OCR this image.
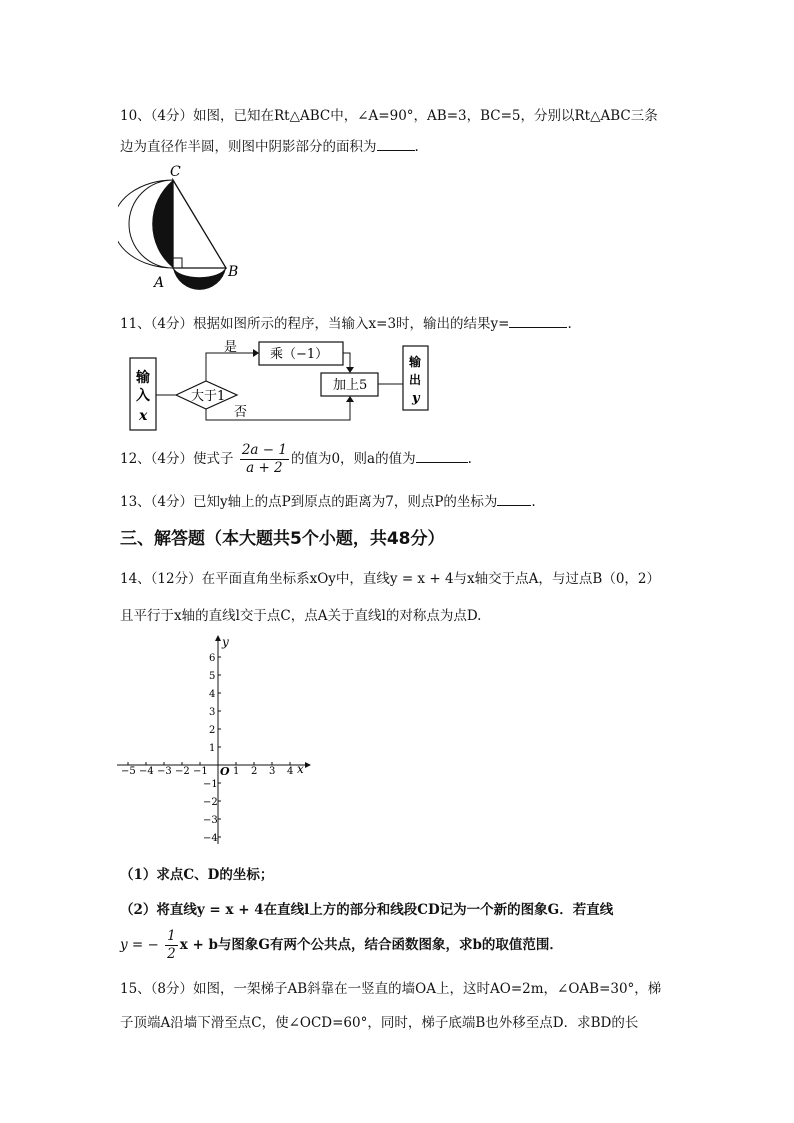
10、（4分）如图，已知在Rt△ABC中，∠A=90°，AB=3，BC=5，分别以Rt△ABC三条
边为直径作半圆，则图中阴影部分的面积为	.
C
A
B
11、（4分）根据如图所示的程序，当输入x=3时，输出的结果y=	.
输
入
x
大于1
是	乘（−1）
加上5
否
输
出
y
12、（4分）使式子 $\frac{2a - 1}{a + 2}$ 的值为0，则a的值为	.
13、（4分）已知y轴上的点P到原点的距离为7，则点P的坐标为	.
三、解答题（本大题共5个小题，共48分）
14、（12分）在平面直角坐标系xOy中，直线y = x + 4与x轴交于点A，与过点B（0，2）
且平行于x轴的直线l交于点C，点A关于直线l的对称点为点D.
x
y
O
−5 −4 −3 −2 −1	1 2 3 4
6
5
4
3
2
1
−1
−2
−3
−4
（1）求点C、D的坐标；
（2）将直线y = x + 4在直线l上方的部分和线段CD记为一个新的图象G．若直线
y = − $\frac{1}{2}$ x + b与图象G有两个公共点，结合函数图象，求b的取值范围．
15、（8分）如图，一架梯子AB斜靠在一竖直的墙OA上，这时AO=2m，∠OAB=30°，梯
子顶端A沿墙下滑至点C，使∠OCD=60°，同时，梯子底端B也外移至点D．求BD的长
